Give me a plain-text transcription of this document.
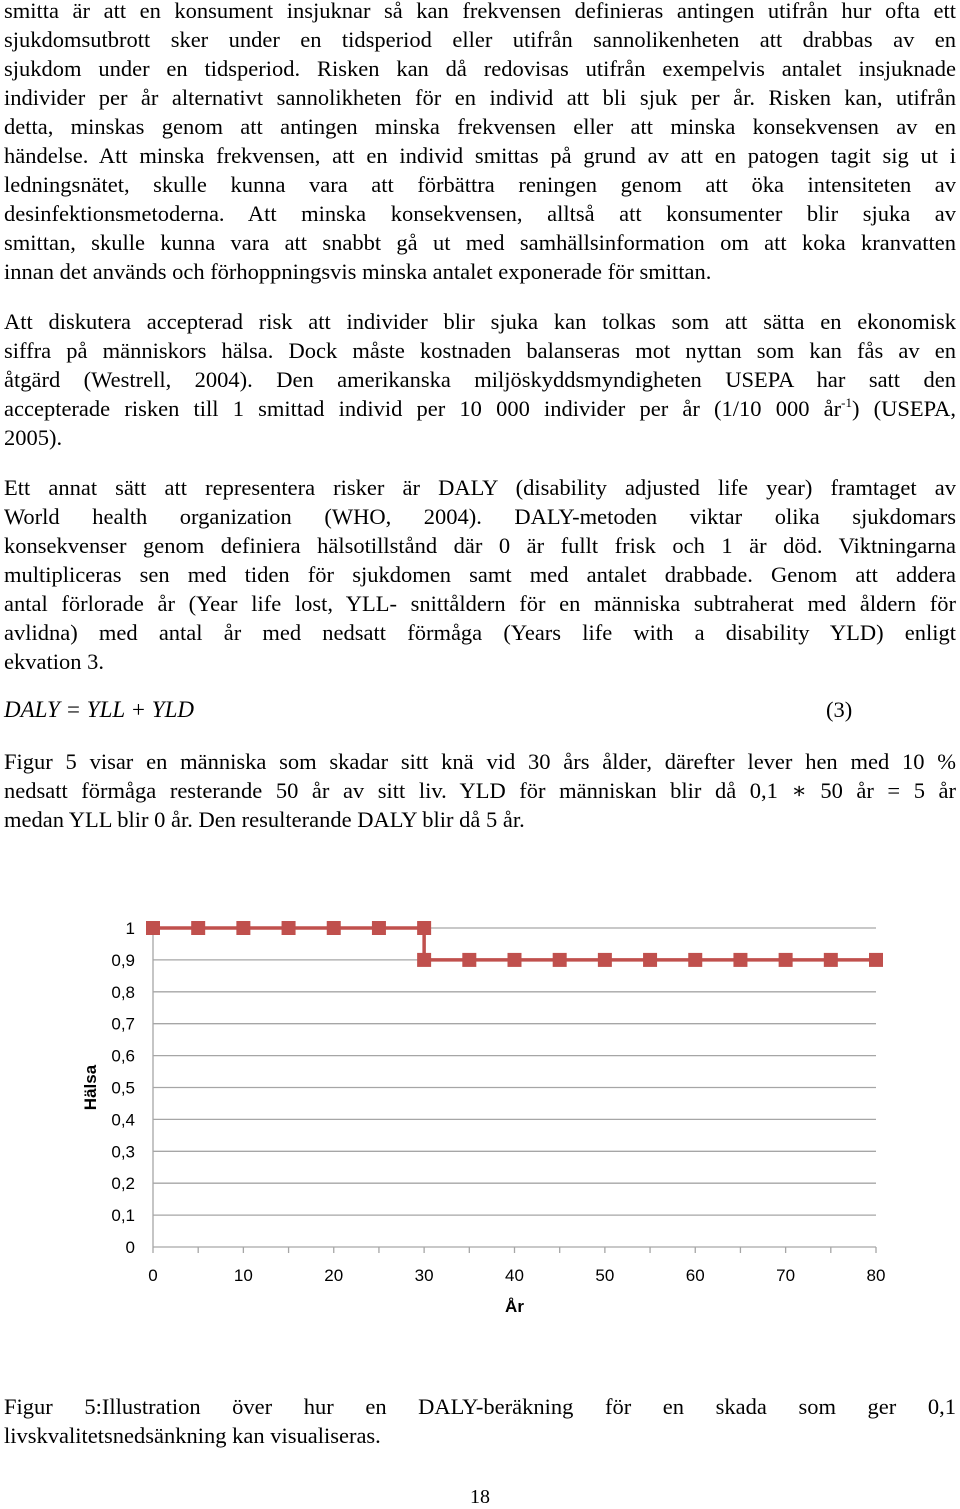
smitta är att en konsument insjuknar så kan frekvensen definieras antingen utifrån hur ofta ett
sjukdomsutbrott sker under en tidsperiod eller utifrån sannolikenheten att drabbas av en
sjukdom under en tidsperiod. Risken kan då redovisas utifrån exempelvis antalet insjuknade
individer per år alternativt sannolikheten för en individ att bli sjuk per år. Risken kan, utifrån
detta, minskas genom att antingen minska frekvensen eller att minska konsekvensen av en
händelse. Att minska frekvensen, att en individ smittas på grund av att en patogen tagit sig ut i
ledningsnätet, skulle kunna vara att förbättra reningen genom att öka intensiteten av
desinfektionsmetoderna. Att minska konsekvensen, alltså att konsumenter blir sjuka av
smittan, skulle kunna vara att snabbt gå ut med samhällsinformation om att koka kranvatten
innan det används och förhoppningsvis minska antalet exponerade för smittan.
Att diskutera accepterad risk att individer blir sjuka kan tolkas som att sätta en ekonomisk
siffra på människors hälsa. Dock måste kostnaden balanseras mot nyttan som kan fås av en
åtgärd (Westrell, 2004). Den amerikanska miljöskyddsmyndigheten USEPA har satt den
accepterade risken till 1 smittad individ per 10 000 individer per år (1/10 000 $år^{-1}$) (USEPA,
2005).
Ett annat sätt att representera risker är DALY (disability adjusted life year) framtaget av
World health organization (WHO, 2004). DALY-metoden viktar olika sjukdomars
konsekvenser genom definiera hälsotillstånd där 0 är fullt frisk och 1 är död. Viktningarna
multipliceras sen med tiden för sjukdomen samt med antalet drabbade. Genom att addera
antal förlorade år (Year life lost, YLL- snittåldern för en människa subtraherat med åldern för
avlidna) med antal år med nedsatt förmåga (Years life with a disability YLD) enligt
ekvation 3.
DALY = YLL + YLD	(3)
Figur 5 visar en människa som skadar sitt knä vid 30 års ålder, därefter lever hen med 10 %
nedsatt förmåga resterande 50 år av sitt liv. YLD för människan blir då 0,1 ∗ 50 år = 5 år
medan YLL blir 0 år. Den resulterande DALY blir då 5 år.
0
0,1
0,2
0,3
0,4
0,5
0,6
0,7
0,8
0,9
1
0	10	20	30	40	50	60	70	80
År
Hälsa
Figur 5:Illustration över hur en DALY-beräkning för en skada som ger 0,1
livskvalitetsnedsänkning kan visualiseras.
18
